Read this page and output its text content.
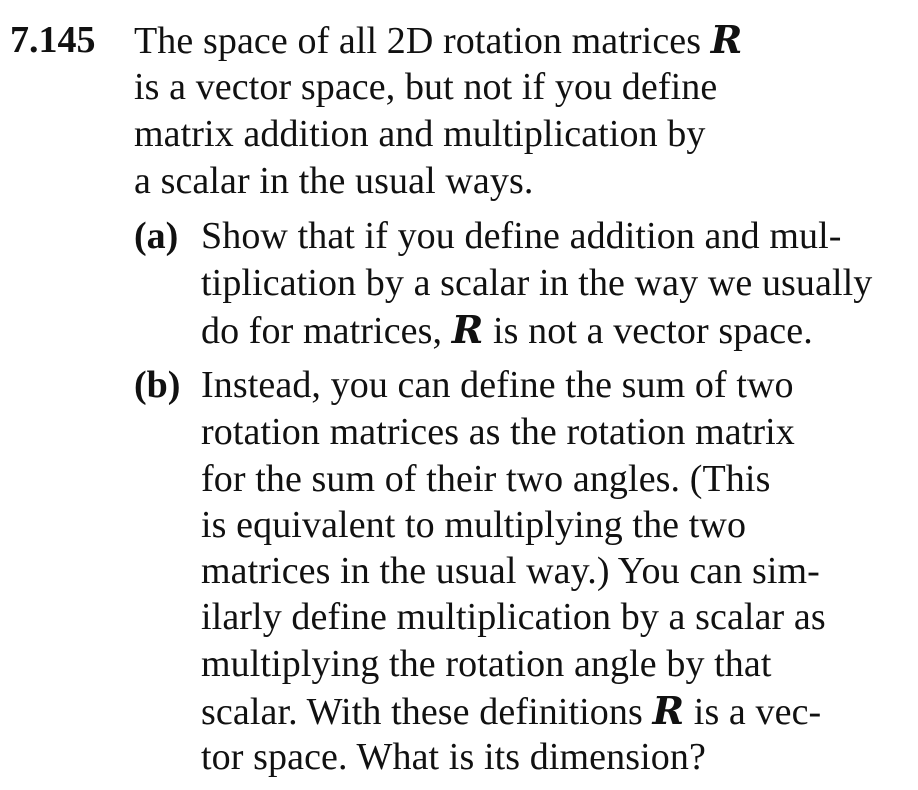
7.145 The space of all 2D rotation matrices R
is a vector space, but not if you define
matrix addition and multiplication by
a scalar in the usual ways.
(a) Show that if you define addition and mul-
tiplication by a scalar in the way we usually
do for matrices, R is not a vector space.
(b) Instead, you can define the sum of two
rotation matrices as the rotation matrix
for the sum of their two angles. (This
is equivalent to multiplying the two
matrices in the usual way.) You can sim-
ilarly define multiplication by a scalar as
multiplying the rotation angle by that
scalar. With these definitions R is a vec-
tor space. What is its dimension?
